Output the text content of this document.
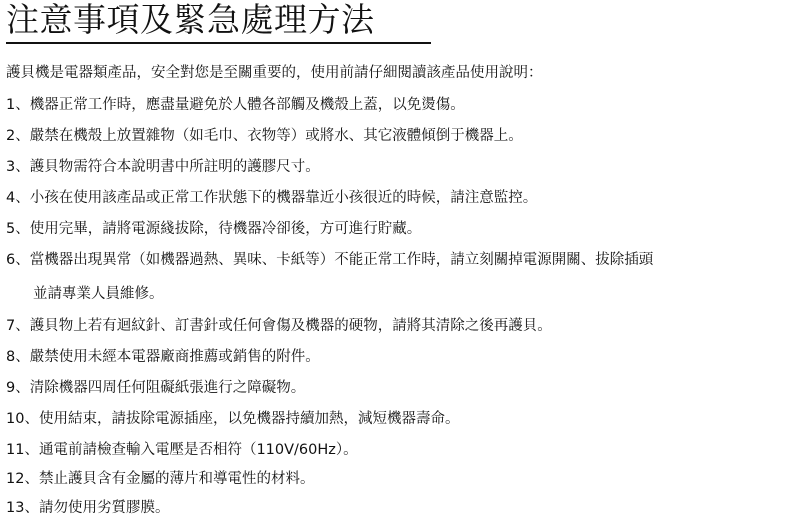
注意事項及緊急處理方法
護貝機是電器類產品，安全對您是至關重要的，使用前請仔細閱讀該產品使用說明：
1、機器正常工作時，應盡量避免於人體各部觸及機殼上蓋，以免燙傷。
2、嚴禁在機殼上放置雜物（如毛巾、衣物等）或將水、其它液體傾倒于機器上。
3、護貝物需符合本說明書中所註明的護膠尺寸。
4、小孩在使用該產品或正常工作狀態下的機器靠近小孩很近的時候，請注意監控。
5、使用完畢，請將電源綫拔除，待機器冷卻後，方可進行貯藏。
6、當機器出現異常（如機器過熱、異味、卡紙等）不能正常工作時，請立刻關掉電源開關、拔除插頭
並請專業人員維修。
7、護貝物上若有迴紋針、訂書針或任何會傷及機器的硬物，請將其清除之後再護貝。
8、嚴禁使用未經本電器廠商推薦或銷售的附件。
9、清除機器四周任何阻礙紙張進行之障礙物。
10、使用結束，請拔除電源插座，以免機器持續加熱，減短機器壽命。
11、通電前請檢查輸入電壓是否相符（110V/60Hz）。
12、禁止護貝含有金屬的薄片和導電性的材料。
13、請勿使用劣質膠膜。
